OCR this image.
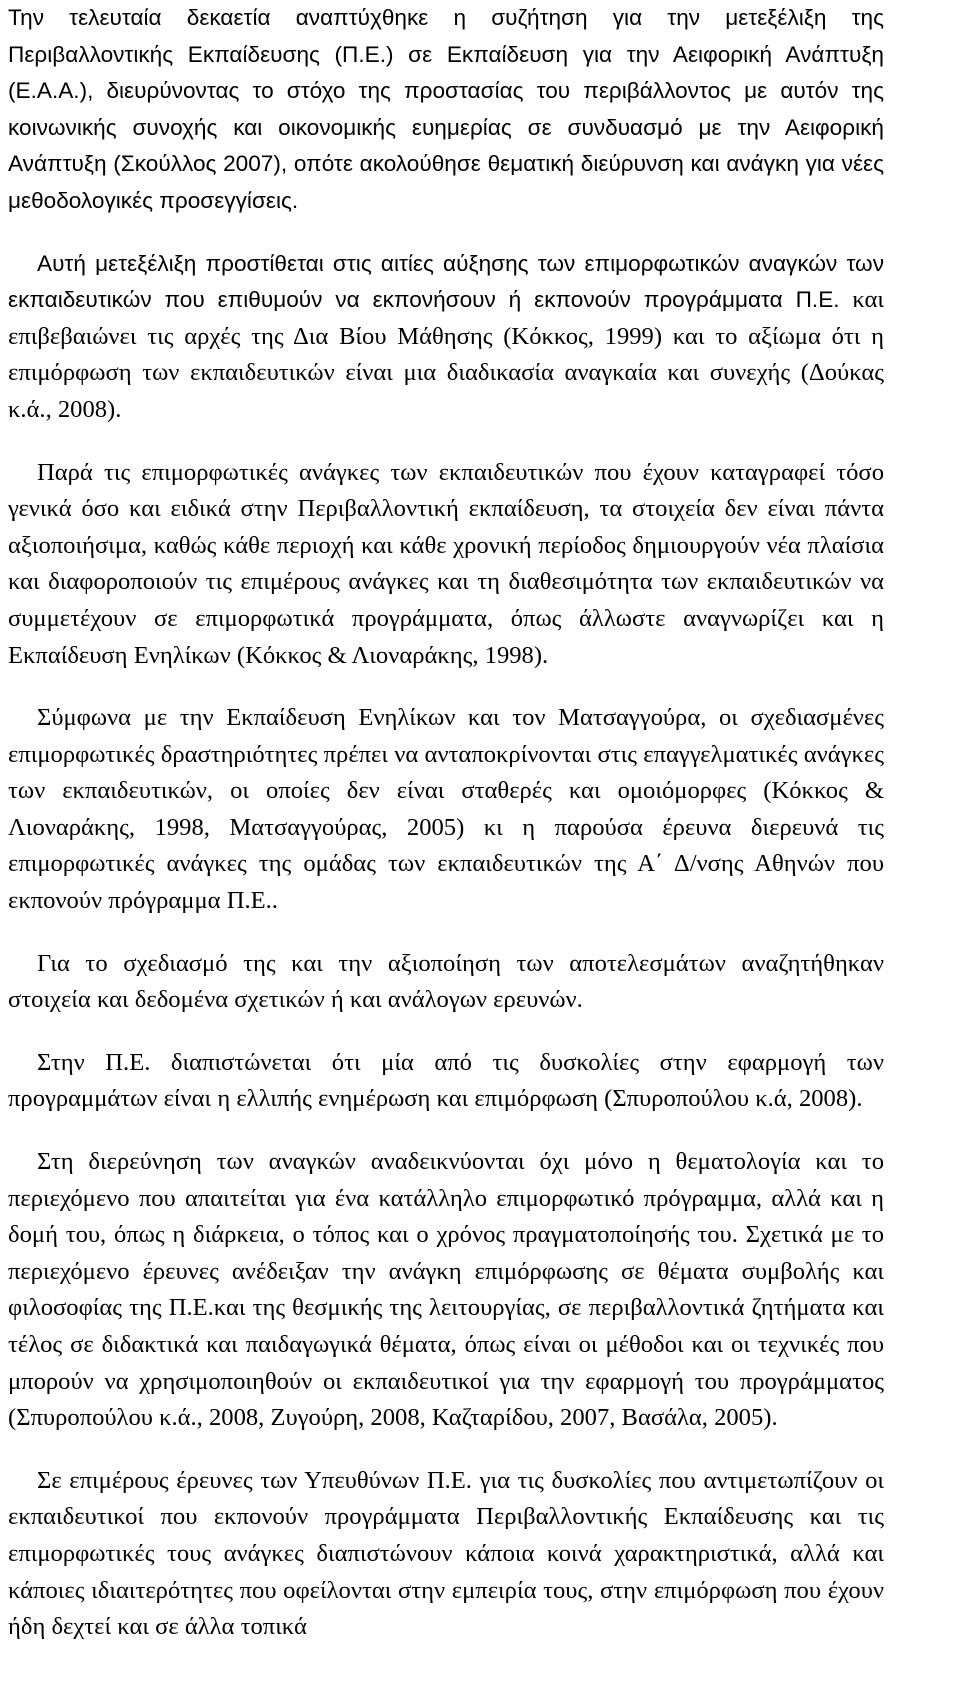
Την τελευταία δεκαετία αναπτύχθηκε η συζήτηση για την μετεξέλιξη της Περιβαλλοντικής Εκπαίδευσης (Π.Ε.) σε Εκπαίδευση για την Αειφορική Ανάπτυξη (Ε.Α.Α.), διευρύνοντας το στόχο της προστασίας του περιβάλλοντος με αυτόν της κοινωνικής συνοχής και οικονομικής ευημερίας σε συνδυασμό με την Αειφορική Ανάπτυξη (Σκούλλος 2007), οπότε ακολούθησε θεματική διεύρυνση και ανάγκη για νέες μεθοδολογικές προσεγγίσεις.

Αυτή μετεξέλιξη προστίθεται στις αιτίες αύξησης των επιμορφωτικών αναγκών των εκπαιδευτικών που επιθυμούν να εκπονήσουν ή εκπονούν προγράμματα Π.Ε. και επιβεβαιώνει τις αρχές της Δια Βίου Μάθησης (Κόκκος, 1999) και το αξίωμα ότι η επιμόρφωση των εκπαιδευτικών είναι μια διαδικασία αναγκαία και συνεχής (Δούκας κ.ά., 2008).

Παρά τις επιμορφωτικές ανάγκες των εκπαιδευτικών που έχουν καταγραφεί τόσο γενικά όσο και ειδικά στην Περιβαλλοντική εκπαίδευση, τα στοιχεία δεν είναι πάντα αξιοποιήσιμα, καθώς κάθε περιοχή και κάθε χρονική περίοδος δημιουργούν νέα πλαίσια και διαφοροποιούν τις επιμέρους ανάγκες και τη διαθεσιμότητα των εκπαιδευτικών να συμμετέχουν σε επιμορφωτικά προγράμματα, όπως άλλωστε αναγνωρίζει και η Εκπαίδευση Ενηλίκων (Κόκκος & Λιοναράκης, 1998).

Σύμφωνα με την Εκπαίδευση Ενηλίκων και τον Ματσαγγούρα, οι σχεδιασμένες επιμορφωτικές δραστηριότητες πρέπει να ανταποκρίνονται στις επαγγελματικές ανάγκες των εκπαιδευτικών, οι οποίες δεν είναι σταθερές και ομοιόμορφες (Κόκκος & Λιοναράκης, 1998, Ματσαγγούρας, 2005) κι η παρούσα έρευνα διερευνά τις επιμορφωτικές ανάγκες της ομάδας των εκπαιδευτικών της Α΄ Δ/νσης Αθηνών που εκπονούν πρόγραμμα Π.Ε..

Για το σχεδιασμό της και την αξιοποίηση των αποτελεσμάτων αναζητήθηκαν στοιχεία και δεδομένα σχετικών ή και ανάλογων ερευνών.

Στην Π.Ε. διαπιστώνεται ότι μία από τις δυσκολίες στην εφαρμογή των προγραμμάτων είναι η ελλιπής ενημέρωση και επιμόρφωση (Σπυροπούλου κ.ά, 2008).

Στη διερεύνηση των αναγκών αναδεικνύονται όχι μόνο η θεματολογία και το περιεχόμενο που απαιτείται για ένα κατάλληλο επιμορφωτικό πρόγραμμα, αλλά και η δομή του, όπως η διάρκεια, ο τόπος και ο χρόνος πραγματοποίησής του. Σχετικά με το περιεχόμενο έρευνες ανέδειξαν την ανάγκη επιμόρφωσης σε θέματα συμβολής και φιλοσοφίας της Π.Ε.και της θεσμικής της λειτουργίας, σε περιβαλλοντικά ζητήματα και τέλος σε διδακτικά και παιδαγωγικά θέματα, όπως είναι οι μέθοδοι και οι τεχνικές που μπορούν να χρησιμοποιηθούν οι εκπαιδευτικοί για την εφαρμογή του προγράμματος (Σπυροπούλου κ.ά., 2008, Ζυγούρη, 2008, Καζταρίδου, 2007, Βασάλα, 2005).

Σε επιμέρους έρευνες των Υπευθύνων Π.Ε. για τις δυσκολίες που αντιμετωπίζουν οι εκπαιδευτικοί που εκπονούν προγράμματα Περιβαλλοντικής Εκπαίδευσης και τις επιμορφωτικές τους ανάγκες διαπιστώνουν κάποια κοινά χαρακτηριστικά, αλλά και κάποιες ιδιαιτερότητες που οφείλονται στην εμπειρία τους, στην επιμόρφωση που έχουν ήδη δεχτεί και σε άλλα τοπικά
